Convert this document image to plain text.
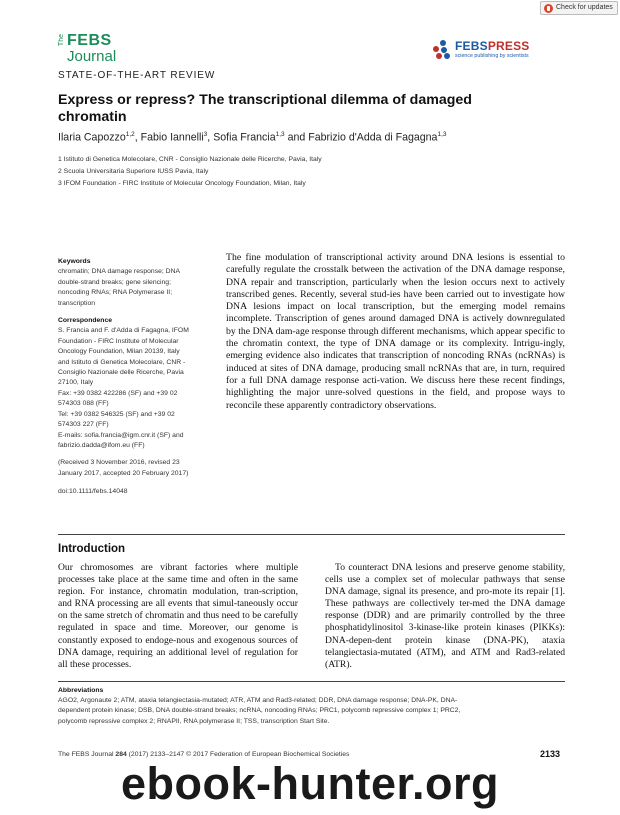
Check for updates
The FEBS
Journal
FEBSPRESS
science publishing by scientists
STATE-OF-THE-ART REVIEW
Express or repress? The transcriptional dilemma of damaged chromatin
Ilaria Capozzo$^{1,2}$, Fabio Iannelli$^3$, Sofia Francia$^{1,3}$ and Fabrizio d'Adda di Fagagna$^{1,3}$
1 Istituto di Genetica Molecolare, CNR - Consiglio Nazionale delle Ricerche, Pavia, Italy
2 Scuola Universitaria Superiore IUSS Pavia, Italy
3 IFOM Foundation - FIRC Institute of Molecular Oncology Foundation, Milan, Italy
Keywords
chromatin; DNA damage response; DNA
double-strand breaks; gene silencing;
noncoding RNAs; RNA Polymerase II;
transcription
Correspondence
S. Francia and F. d'Adda di Fagagna, IFOM
Foundation - FIRC Institute of Molecular
Oncology Foundation, Milan 20139, Italy
and Istituto di Genetica Molecolare, CNR -
Consiglio Nazionale delle Ricerche, Pavia
27100, Italy
Fax: +39 0382 422286 (SF) and +39 02
574303 088 (FF)
Tel: +39 0382 546325 (SF) and +39 02
574303 227 (FF)
E-mails: sofia.francia@igm.cnr.it (SF) and
fabrizio.dadda@ifom.eu (FF)
(Received 3 November 2016, revised 23
January 2017, accepted 20 February 2017)
doi:10.1111/febs.14048
The fine modulation of transcriptional activity around DNA lesions is essential to carefully regulate the crosstalk between the activation of the DNA damage response, DNA repair and transcription, particularly when the lesion occurs next to actively transcribed genes. Recently, several stud-ies have been carried out to investigate how DNA lesions impact on local transcription, but the emerging model remains incomplete. Transcription of genes around damaged DNA is actively downregulated by the DNA dam-age response through different mechanisms, which appear specific to the chromatin context, the type of DNA damage or its complexity. Intrigu-ingly, emerging evidence also indicates that transcription of noncoding RNAs (ncRNAs) is induced at sites of DNA damage, producing small ncRNAs that are, in turn, required for a full DNA damage response acti-vation. We discuss here these recent findings, highlighting the major unre-solved questions in the field, and propose ways to reconcile these apparently contradictory observations.
Introduction
Our chromosomes are vibrant factories where multiple processes take place at the same time and often in the same region. For instance, chromatin modulation, tran-scription, and RNA processing are all events that simul-taneously occur on the same stretch of chromatin and thus need to be carefully regulated in space and time. Moreover, our genome is constantly exposed to endoge-nous and exogenous sources of DNA damage, requiring an additional level of regulation for all these processes.

To counteract DNA lesions and preserve genome stability, cells use a complex set of molecular pathways that sense DNA damage, signal its presence, and pro-mote its repair [1]. These pathways are collectively ter-med the DNA damage response (DDR) and are primarily controlled by the three phosphatidylinositol 3-kinase-like protein kinases (PIKKs): DNA-depen-dent protein kinase (DNA-PK), ataxia telangiectasia-mutated (ATM), and ATM and Rad3-related (ATR).

Abbreviations
AGO2, Argonaute 2; ATM, ataxia telangiectasia-mutated; ATR, ATM and Rad3-related; DDR, DNA damage response; DNA-PK, DNA-
dependent protein kinase; DSB, DNA double-strand breaks; ncRNA, noncoding RNAs; PRC1, polycomb repressive complex 1; PRC2,
polycomb repressive complex 2; RNAPII, RNA polymerase II; TSS, transcription Start Site.
The FEBS Journal 284 (2017) 2133–2147 © 2017 Federation of European Biochemical Societies	2133
ebook-hunter.org
